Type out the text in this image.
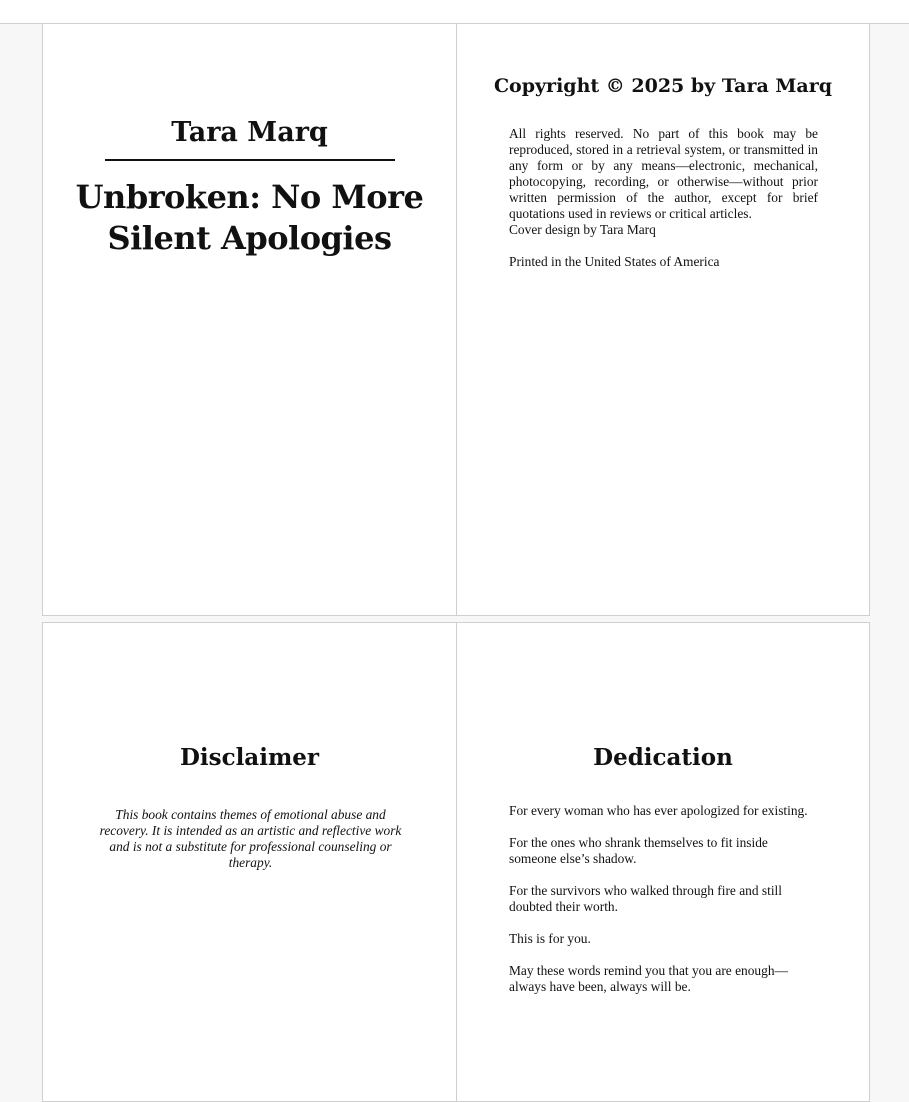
Tara Marq
Unbroken: No More Silent Apologies
Copyright © 2025 by Tara Marq

All rights reserved. No part of this book may be reproduced, stored in a retrieval system, or transmitted in any form or by any means—electronic, mechanical, photocopying, recording, or otherwise—without prior written permission of the author, except for brief quotations used in reviews or critical articles.

Cover design by Tara Marq

Printed in the United States of America

Disclaimer
This book contains themes of emotional abuse and recovery. It is intended as an artistic and reflective work and is not a substitute for professional counseling or therapy.
Dedication

For every woman who has ever apologized for existing.

For the ones who shrank themselves to fit inside someone else’s shadow.

For the survivors who walked through fire and still doubted their worth.

This is for you.

May these words remind you that you are enough—always have been, always will be.
